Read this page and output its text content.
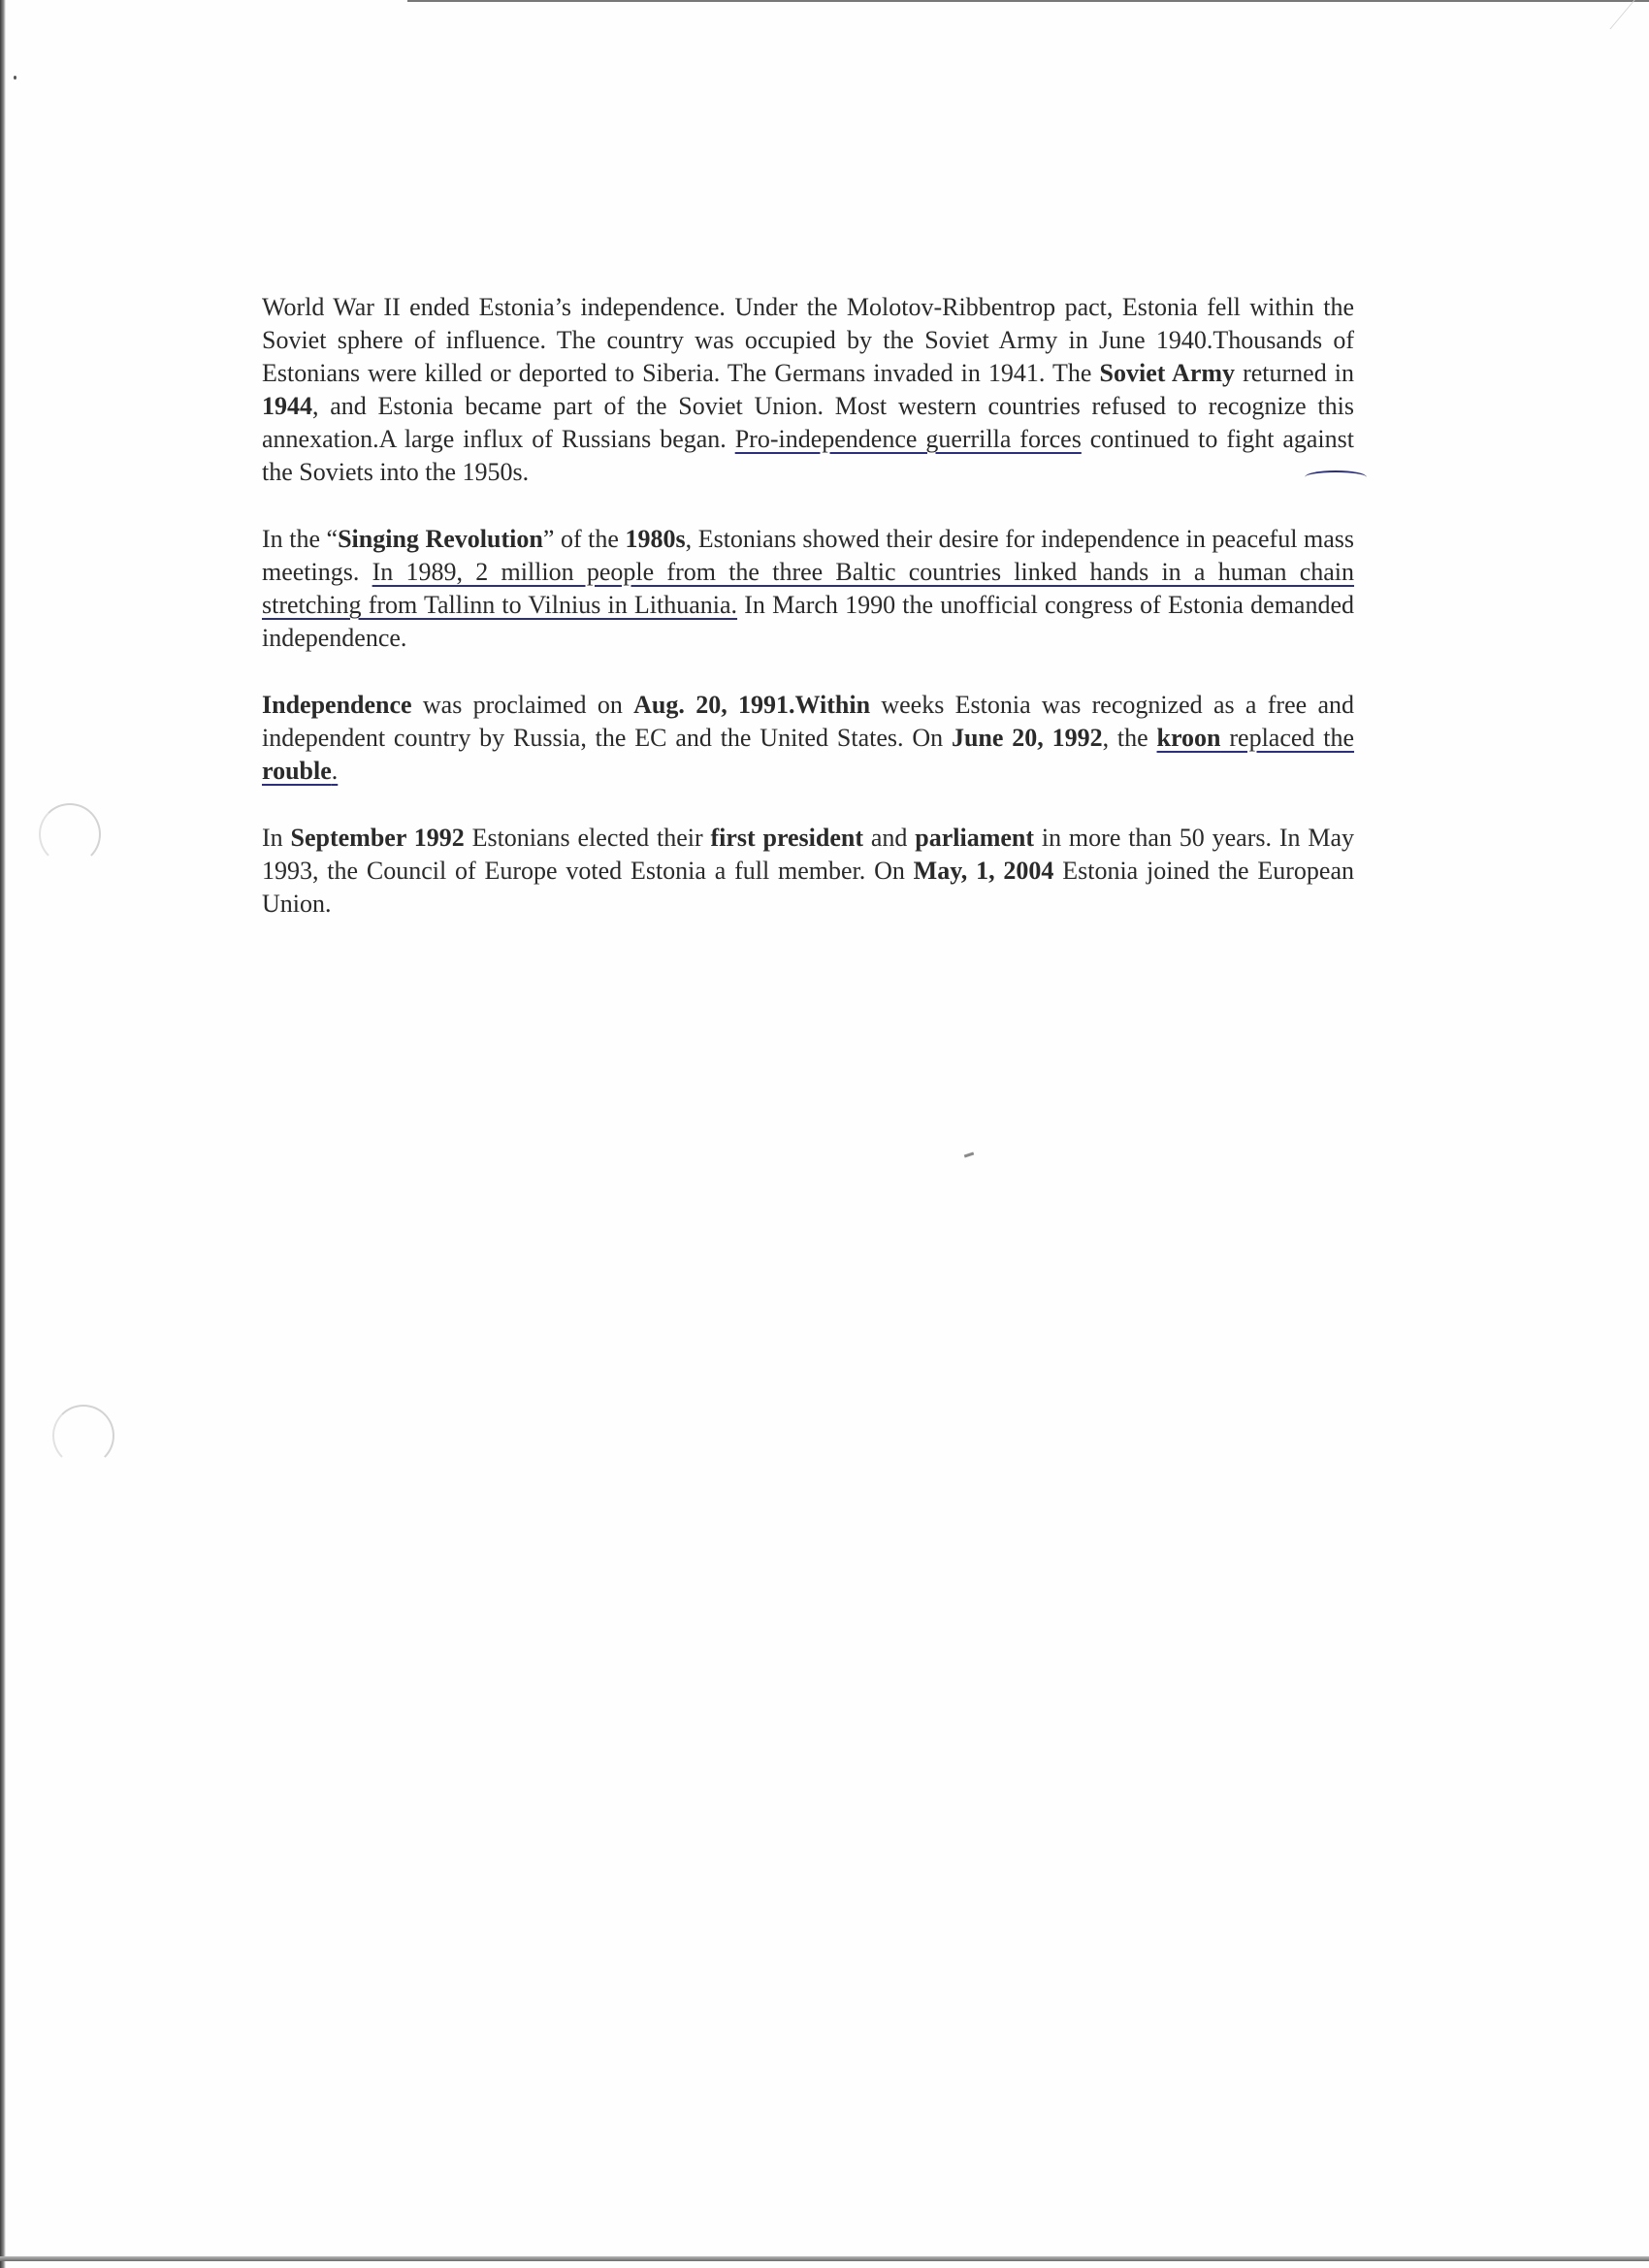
World War II ended Estonia’s independence. Under the Molotov-Ribbentrop pact, Estonia fell within the Soviet sphere of influence. The country was occupied by the Soviet Army in June 1940.Thousands of Estonians were killed or deported to Siberia. The Germans invaded in 1941. The Soviet Army returned in 1944, and Estonia became part of the Soviet Union. Most western countries refused to recognize this annexation.A large influx of Russians began. Pro-independence guerrilla forces continued to fight against the Soviets into the 1950s.

In the “Singing Revolution” of the 1980s, Estonians showed their desire for independence in peaceful mass meetings. In 1989, 2 million people from the three Baltic countries linked hands in a human chain stretching from Tallinn to Vilnius in Lithuania. In March 1990 the unofficial congress of Estonia demanded independence.

Independence was proclaimed on Aug. 20, 1991.Within weeks Estonia was recognized as a free and independent country by Russia, the EC and the United States. On June 20, 1992, the kroon replaced the rouble.

In September 1992 Estonians elected their first president and parliament in more than 50 years. In May 1993, the Council of Europe voted Estonia a full member. On May, 1, 2004 Estonia joined the European Union.
